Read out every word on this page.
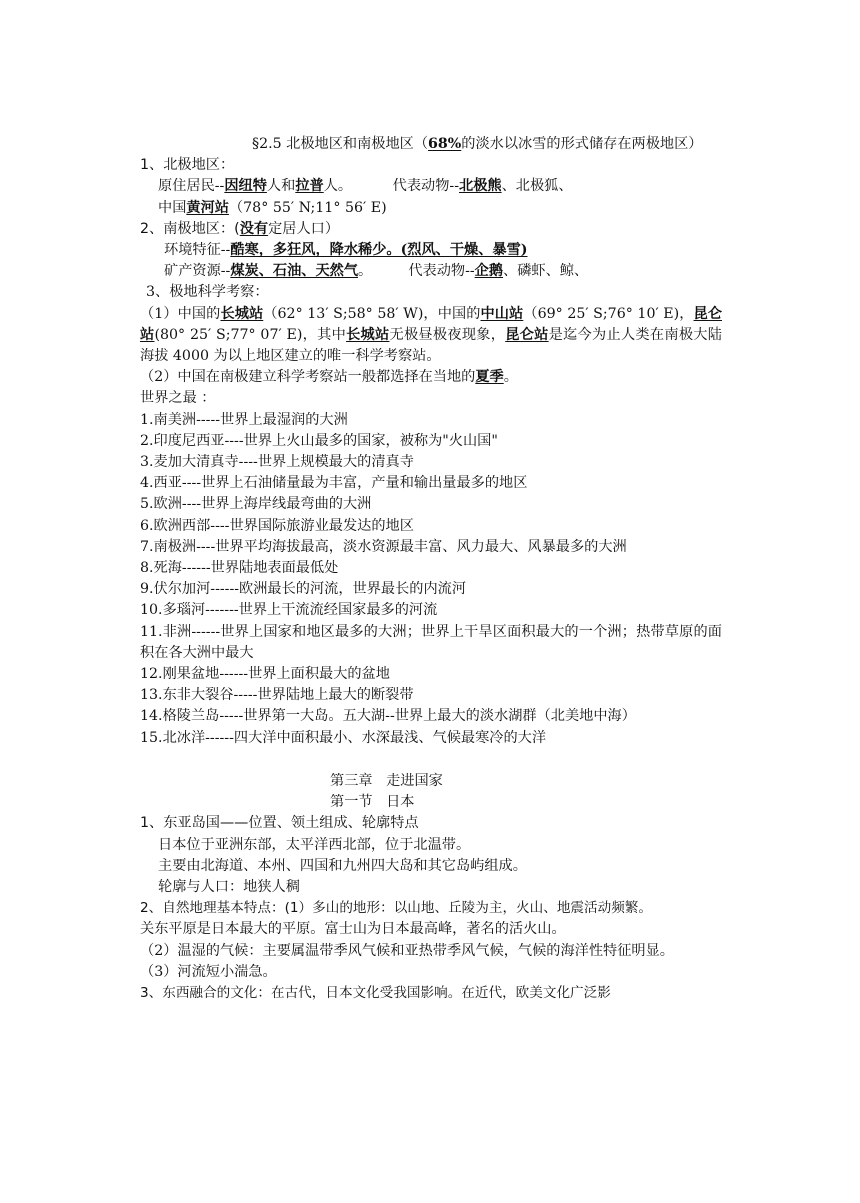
§2.5 北极地区和南极地区（68%的淡水以冰雪的形式储存在两极地区）

1、北极地区：

原住居民--因纽特人和拉普人。         代表动物--北极熊、北极狐、

中国黄河站（78° 55′ N;11° 56′ E)

2、南极地区：(没有定居人口）

环境特征--酷寒，多狂风，降水稀少。(烈风、干燥、暴雪)

矿产资源--煤炭、石油、天然气。        代表动物--企鹅、磷虾、鲸、

3、极地科学考察：

（1）中国的长城站（62° 13′ S;58° 58′ W)，中国的中山站（69° 25′ S;76° 10′ E)，昆仑站(80° 25′ S;77° 07′ E)，其中长城站无极昼极夜现象，昆仑站是迄今为止人类在南极大陆海拔 4000 为以上地区建立的唯一科学考察站。

（2）中国在南极建立科学考察站一般都选择在当地的夏季。

世界之最 ：

1.南美洲-----世界上最湿润的大洲

2.印度尼西亚----世界上火山最多的国家，被称为"火山国"

3.麦加大清真寺----世界上规模最大的清真寺

4.西亚----世界上石油储量最为丰富，产量和输出量最多的地区

5.欧洲----世界上海岸线最弯曲的大洲

6.欧洲西部----世界国际旅游业最发达的地区

7.南极洲----世界平均海拔最高，淡水资源最丰富、风力最大、风暴最多的大洲

8.死海------世界陆地表面最低处

9.伏尔加河------欧洲最长的河流，世界最长的内流河

10.多瑙河-------世界上干流流经国家最多的河流

11.非洲------世界上国家和地区最多的大洲；世界上干旱区面积最大的一个洲；热带草原的面积在各大洲中最大

12.刚果盆地------世界上面积最大的盆地

13.东非大裂谷-----世界陆地上最大的断裂带

14.格陵兰岛-----世界第一大岛。五大湖--世界上最大的淡水湖群（北美地中海）

15.北冰洋------四大洋中面积最小、水深最浅、气候最寒冷的大洋

第三章   走进国家

第一节   日本

1、东亚岛国——位置、领土组成、轮廓特点

日本位于亚洲东部，太平洋西北部，位于北温带。

主要由北海道、本州、四国和九州四大岛和其它岛屿组成。

轮廓与人口：地狭人稠

2、自然地理基本特点：(1）多山的地形：以山地、丘陵为主，火山、地震活动频繁。

关东平原是日本最大的平原。富士山为日本最高峰，著名的活火山。

（2）温湿的气候：主要属温带季风气候和亚热带季风气候，气候的海洋性特征明显。

（3）河流短小湍急。

3、东西融合的文化：在古代，日本文化受我国影响。在近代，欧美文化广泛影
